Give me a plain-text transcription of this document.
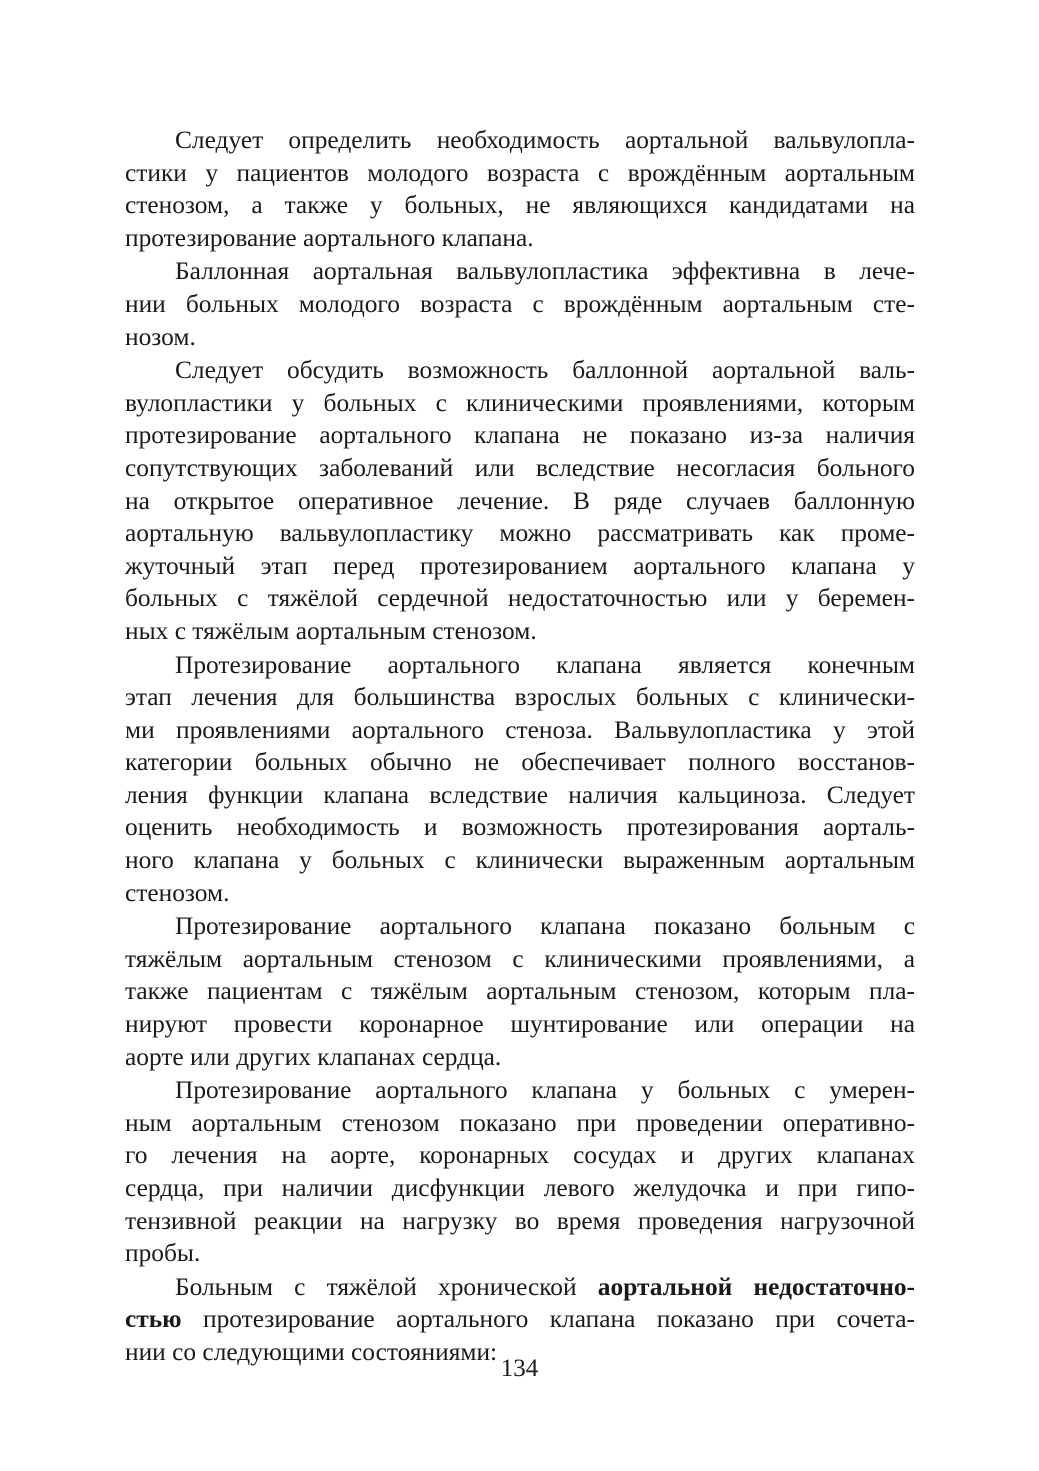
Следует определить необходимость аортальной вальвулопла-
стики у пациентов молодого возраста с врождённым аортальным
стенозом, а также у больных, не являющихся кандидатами на
протезирование аортального клапана.

Баллонная аортальная вальвулопластика эффективна в лече-
нии больных молодого возраста с врождённым аортальным сте-
нозом.

Следует обсудить возможность баллонной аортальной валь-
вулопластики у больных с клиническими проявлениями, которым
протезирование аортального клапана не показано из-за наличия
сопутствующих заболеваний или вследствие несогласия больного
на открытое оперативное лечение. В ряде случаев баллонную
аортальную вальвулопластику можно рассматривать как проме-
жуточный этап перед протезированием аортального клапана у
больных с тяжёлой сердечной недостаточностью или у беремен-
ных с тяжёлым аортальным стенозом.

Протезирование аортального клапана является конечным
этап лечения для большинства взрослых больных с клинически-
ми проявлениями аортального стеноза. Вальвулопластика у этой
категории больных обычно не обеспечивает полного восстанов-
ления функции клапана вследствие наличия кальциноза. Следует
оценить необходимость и возможность протезирования аорталь-
ного клапана у больных с клинически выраженным аортальным
стенозом.

Протезирование аортального клапана показано больным с
тяжёлым аортальным стенозом с клиническими проявлениями, а
также пациентам с тяжёлым аортальным стенозом, которым пла-
нируют провести коронарное шунтирование или операции на
аорте или других клапанах сердца.

Протезирование аортального клапана у больных с умерен-
ным аортальным стенозом показано при проведении оперативно-
го лечения на аорте, коронарных сосудах и других клапанах
сердца, при наличии дисфункции левого желудочка и при гипо-
тензивной реакции на нагрузку во время проведения нагрузочной
пробы.

Больным с тяжёлой хронической аортальной недостаточно-
стью протезирование аортального клапана показано при сочета-
нии со следующими состояниями:

134
